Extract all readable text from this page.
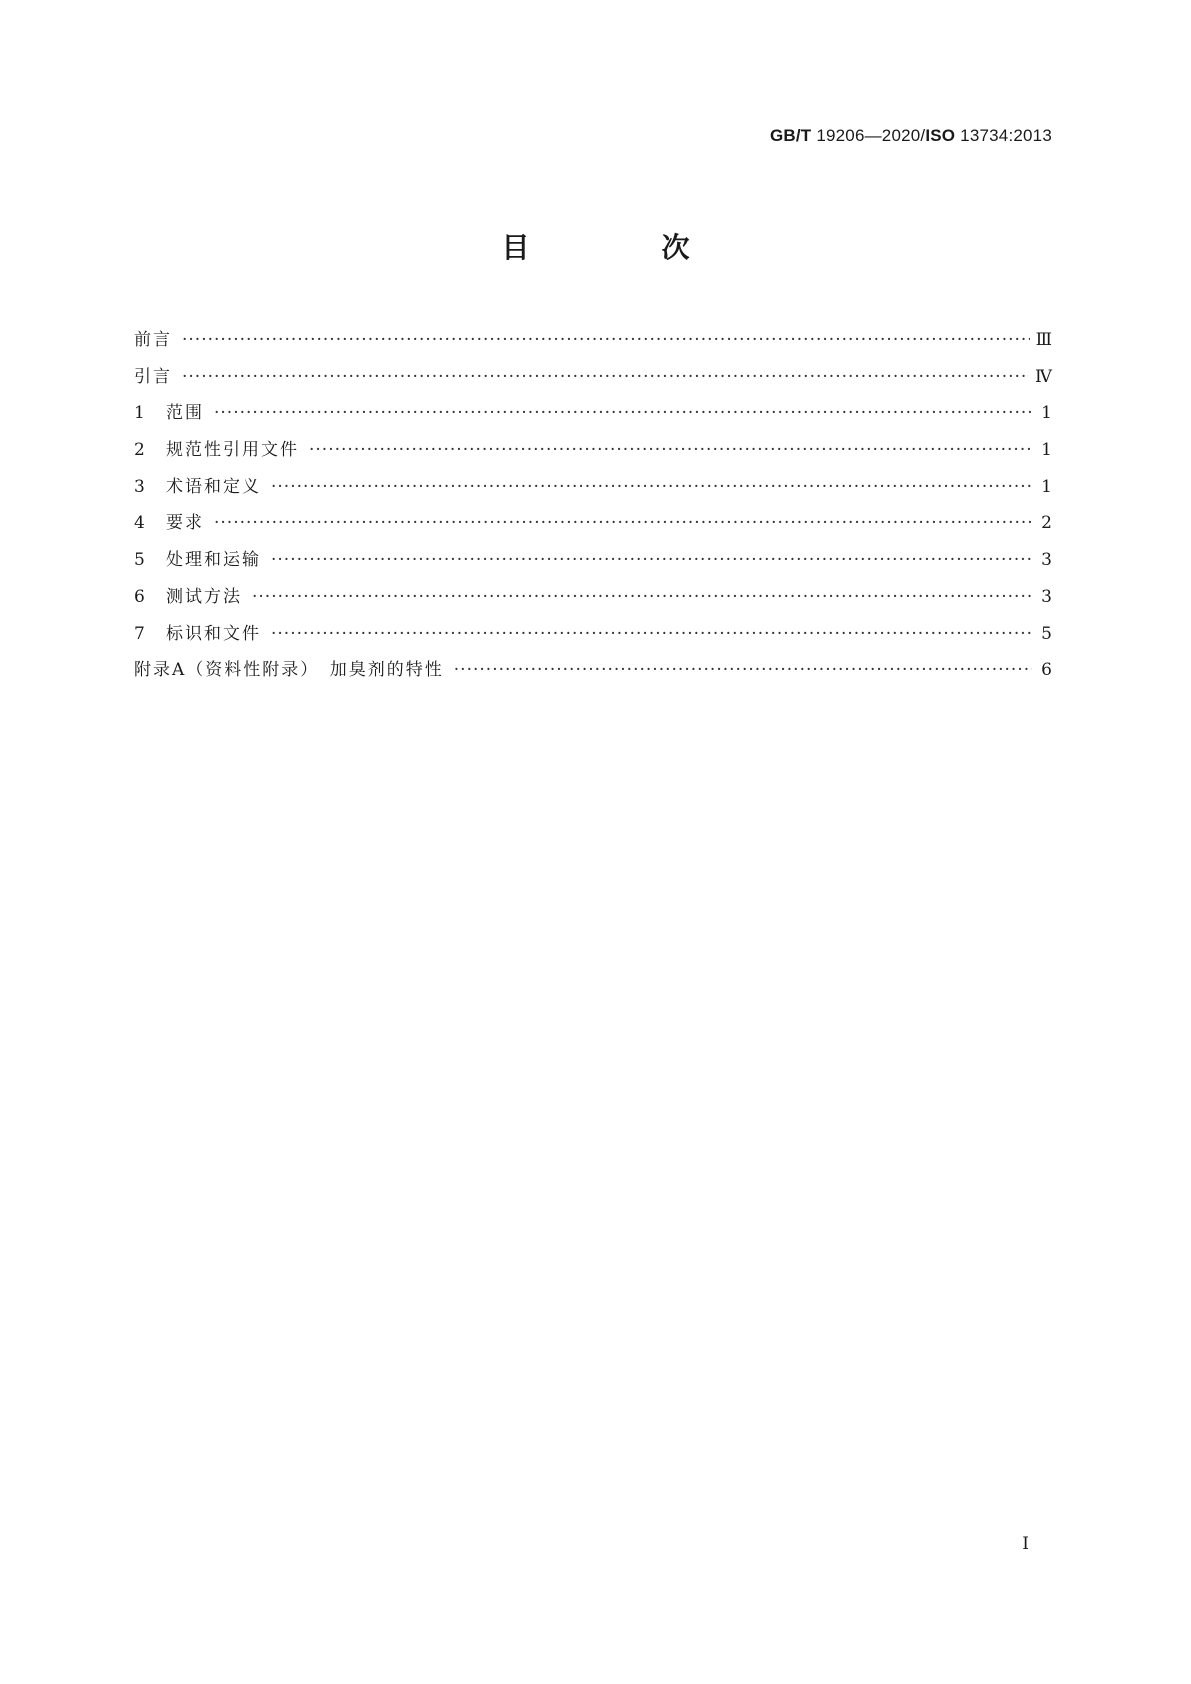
GB/T 19206—2020/ISO 13734:2013
目　次
前言 ·····	Ⅲ
引言 ·····	Ⅳ
1	范围 ·····	1
2	规范性引用文件 ·····	1
3	术语和定义 ·····	1
4	要求 ·····	2
5	处理和运输 ·····	3
6	测试方法 ·····	3
7	标识和文件 ·····	5
附录A（资料性附录）　加臭剂的特性 ·····	6
Ⅰ
